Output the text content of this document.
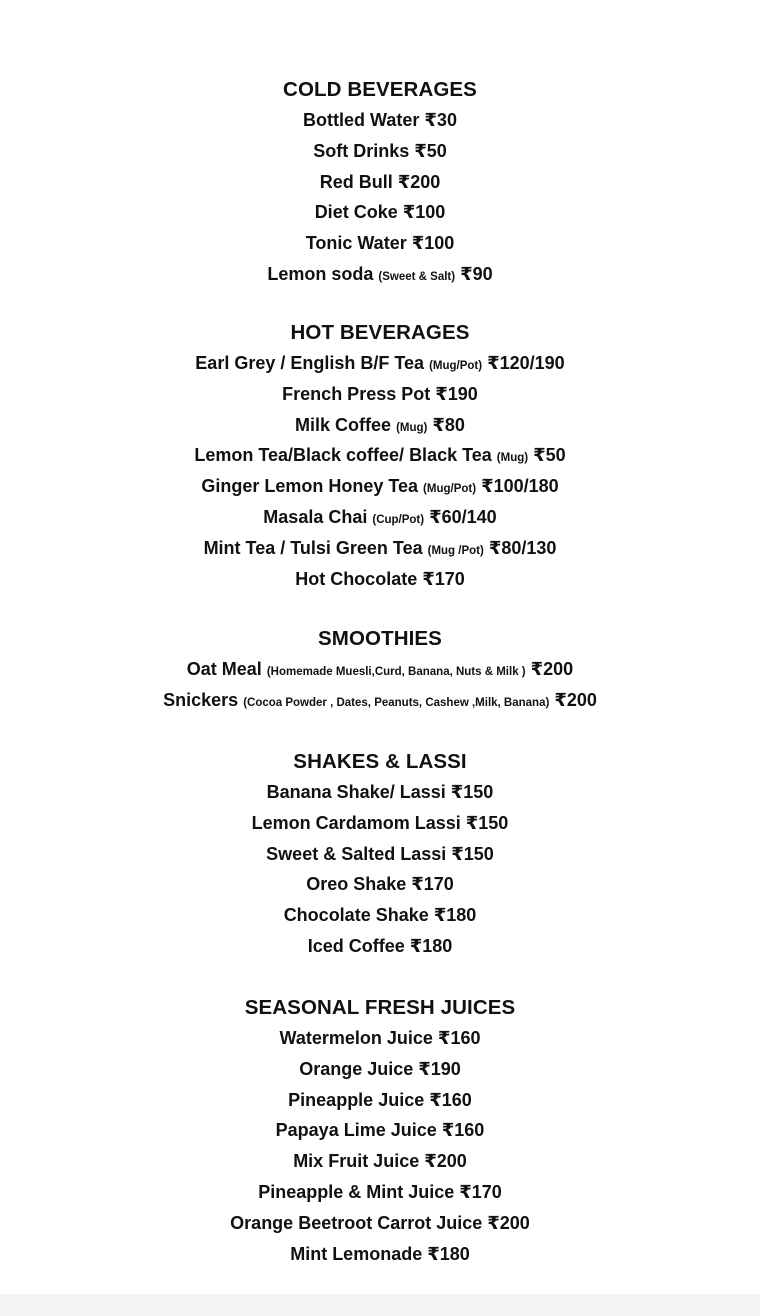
COLD BEVERAGES
Bottled Water ₹30
Soft Drinks ₹50
Red Bull ₹200
Diet Coke ₹100
Tonic Water ₹100
Lemon soda (Sweet & Salt) ₹90
HOT BEVERAGES
Earl Grey / English B/F Tea (Mug/Pot) ₹120/190
French Press Pot ₹190
Milk Coffee (Mug) ₹80
Lemon Tea/Black coffee/ Black Tea (Mug) ₹50
Ginger Lemon Honey Tea (Mug/Pot) ₹100/180
Masala Chai (Cup/Pot) ₹60/140
Mint Tea / Tulsi Green Tea (Mug /Pot) ₹80/130
Hot Chocolate ₹170
SMOOTHIES
Oat Meal (Homemade Muesli,Curd, Banana, Nuts & Milk ) ₹200
Snickers (Cocoa Powder , Dates, Peanuts, Cashew ,Milk, Banana) ₹200
SHAKES & LASSI
Banana Shake/ Lassi ₹150
Lemon Cardamom Lassi ₹150
Sweet & Salted Lassi ₹150
Oreo Shake ₹170
Chocolate Shake ₹180
Iced Coffee ₹180
SEASONAL FRESH JUICES
Watermelon Juice ₹160
Orange Juice ₹190
Pineapple Juice ₹160
Papaya Lime Juice ₹160
Mix Fruit Juice ₹200
Pineapple & Mint Juice ₹170
Orange Beetroot Carrot Juice ₹200
Mint Lemonade ₹180
